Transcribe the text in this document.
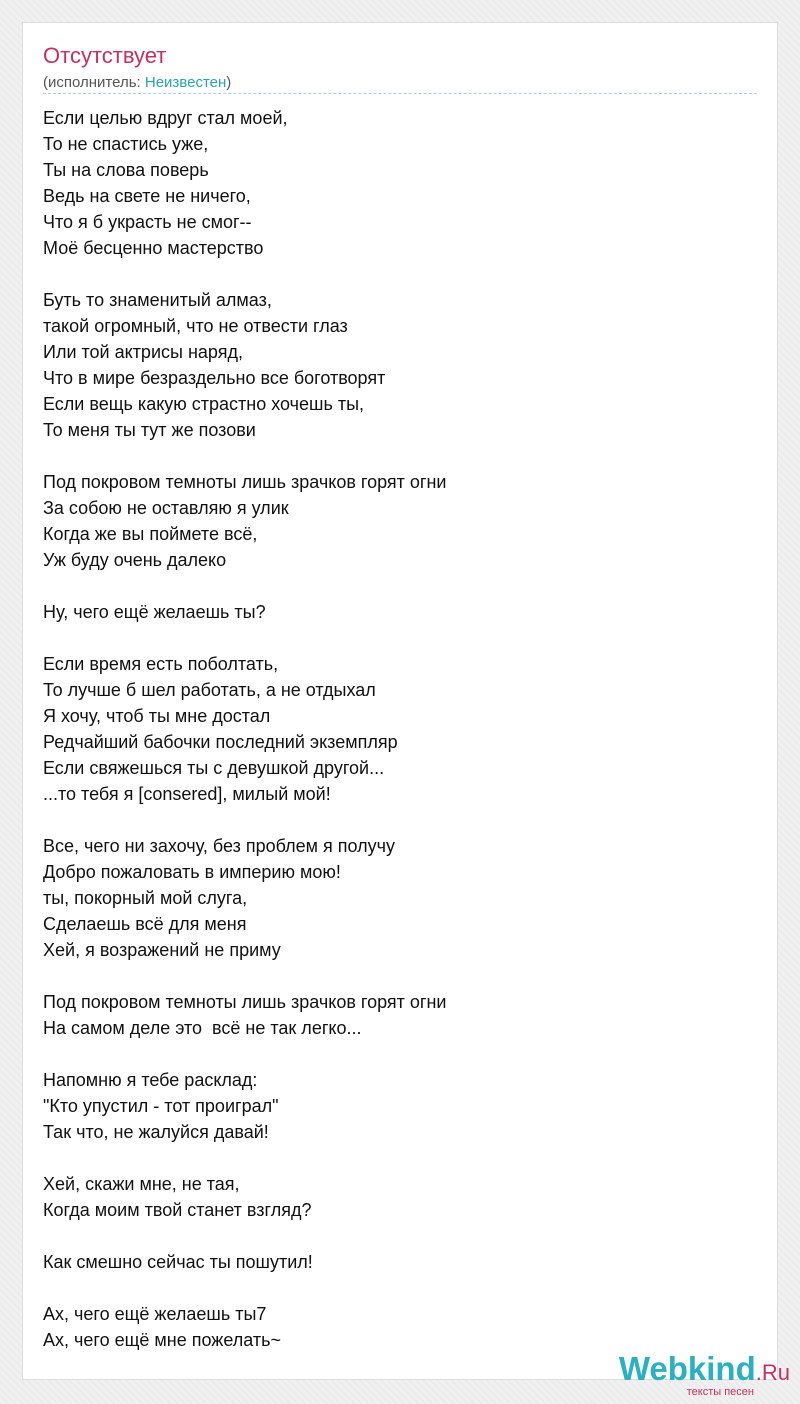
Отсутствует
(исполнитель: Неизвестен)
Если целью вдруг стал моей,
То не спастись уже,
Ты на слова поверь
Ведь на свете не ничего,
Что я б украсть не смог--
Моё бесценно мастерство
Буть то знаменитый алмаз,
такой огромный, что не отвести глаз
Или той актрисы наряд,
Что в мире безраздельно все боготворят
Если вещь какую страстно хочешь ты,
То меня ты тут же позови
Под покровом темноты лишь зрачков горят огни
За собою не оставляю я улик
Когда же вы поймете всё,
Уж буду очень далеко
Ну, чего ещё желаешь ты?
Если время есть поболтать,
То лучше б шел работать, а не отдыхал
Я хочу, чтоб ты мне достал
Редчайший бабочки последний экземпляр
Если свяжешься ты с девушкой другой...
...то тебя я [consered], милый мой!
Все, чего ни захочу, без проблем я получу
Добро пожаловать в империю мою!
ты, покорный мой слуга,
Сделаешь всё для меня
Хей, я возражений не приму
Под покровом темноты лишь зрачков горят огни
На самом деле это  всё не так легко...
Напомню я тебе расклад:
"Кто упустил - тот проиграл"
Так что, не жалуйся давай!
Хей, скажи мне, не тая,
Когда моим твой станет взгляд?
Как смешно сейчас ты пошутил!
Ах, чего ещё желаешь ты7
Ах, чего ещё мне пожелать~
Webkind.Ru
тексты песен
